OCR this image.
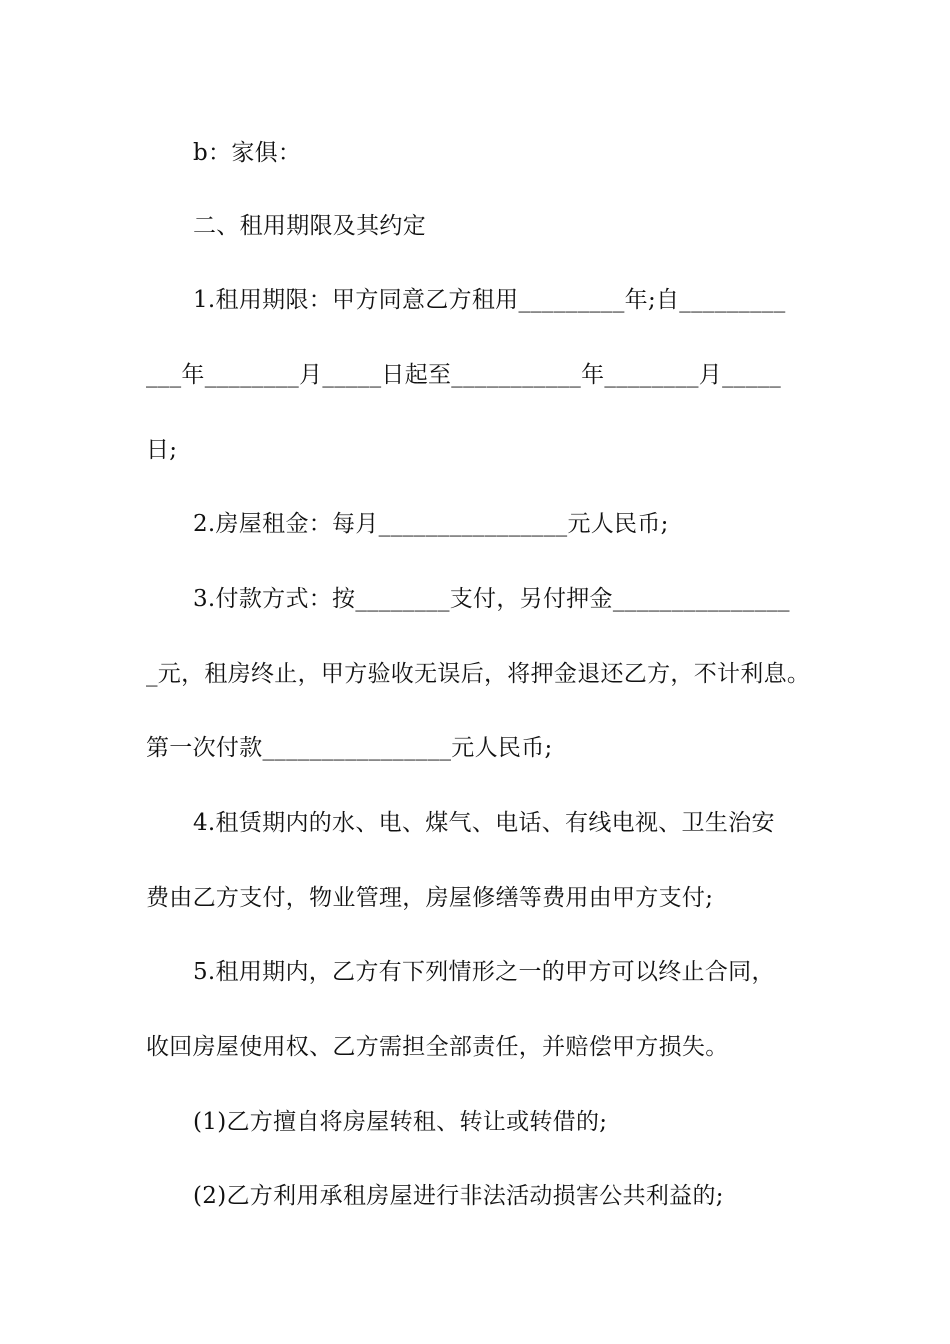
b：家俱：
二、租用期限及其约定
1.租用期限：甲方同意乙方租用_________年;自_________
___年________月_____日起至___________年________月_____
日;
2.房屋租金：每月________________元人民币;
3.付款方式：按________支付，另付押金_______________
_元，租房终止，甲方验收无误后，将押金退还乙方，不计利息。
第一次付款________________元人民币;
4.租赁期内的水、电、煤气、电话、有线电视、卫生治安
费由乙方支付，物业管理，房屋修缮等费用由甲方支付;
5.租用期内，乙方有下列情形之一的甲方可以终止合同，
收回房屋使用权、乙方需担全部责任，并赔偿甲方损失。
(1)乙方擅自将房屋转租、转让或转借的;
(2)乙方利用承租房屋进行非法活动损害公共利益的;
